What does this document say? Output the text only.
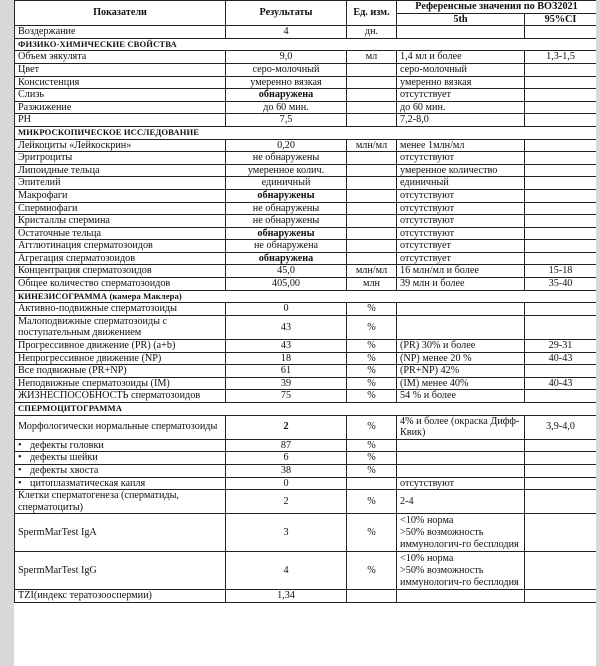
Показатели	Результаты	Ед. изм.	Референсные значения по ВОЗ2021	
			5th	95%CI
Воздержание	4	дн.		
ФИЗИКО-ХИМИЧЕСКИЕ СВОЙСТВА				
Объем эякулята	9,0	мл	1,4 мл и более	1,3-1,5
Цвет	серо-молочный		серо-молочный	
Консистенция	умеренно вязкая		умеренно вязкая	
Слизь	обнаружена		отсутствует	
Разжижение	до 60 мин.		до 60 мин.	
PH	7,5		7,2-8,0	
МИКРОСКОПИЧЕСКОЕ ИССЛЕДОВАНИЕ				
Лейкоциты «Лейкоскрин»	0,20	млн/мл	менее 1млн/мл	
Эритроциты	не обнаружены		отсутствуют	
Липоидные тельца	умеренное колич.		умеренное количество	
Эпителий	единичный		единичный	
Макрофаги	обнаружены		отсутствуют	
Спермиофаги	не обнаружены		отсутствуют	
Кристаллы спермина	не обнаружены		отсутствуют	
Остаточные тельца	обнаружены		отсутствуют	
Агглютинация сперматозоидов	не обнаружена		отсутствует	
Агрегация сперматозоидов	обнаружена		отсутствует	
Концентрация сперматозоидов	45,0	млн/мл	16 млн/мл и более	15-18
Общее количество сперматозоидов	405,00	млн	39 млн и более	35-40
КИНЕЗИСОГРАММА (камера Маклера)				
Активно-подвижные сперматозоиды	0	%		
Малоподвижные сперматозоиды с поступательным движением	43	%		
Прогрессивное движение (PR) (a+b)	43	%	(PR) 30% и более	29-31
Непрогрессивное движение (NP)	18	%	(NP) менее 20 %	40-43
Все подвижные (PR+NP)	61	%	(PR+NP) 42%	
Неподвижные сперматозоиды (IM)	39	%	(IM) менее 40%	40-43
ЖИЗНЕСПОСОБНОСТЬ сперматозоидов	75	%	54 % и более	
СПЕРМОЦИТОГРАММА				
Морфологически нормальные сперматозоиды	2	%	4% и более (окраска Дифф-Квик)	3,9-4,0
• дефекты головки	87	%		
• дефекты шейки	6	%		
• дефекты хвоста	38	%		
• цитоплазматическая капля	0		отсутствуют	
Клетки сперматогенеза (сперматиды, сперматоциты)	2	%	2-4	
SpermMarTest IgA	3	%	<10% норма
>50% возможность иммунологич-го бесплодия	
SpermMarTest IgG	4	%	<10% норма
>50% возможность иммунологич-го бесплодия	
TZI(индекс тератозооспермии)	1,34			
